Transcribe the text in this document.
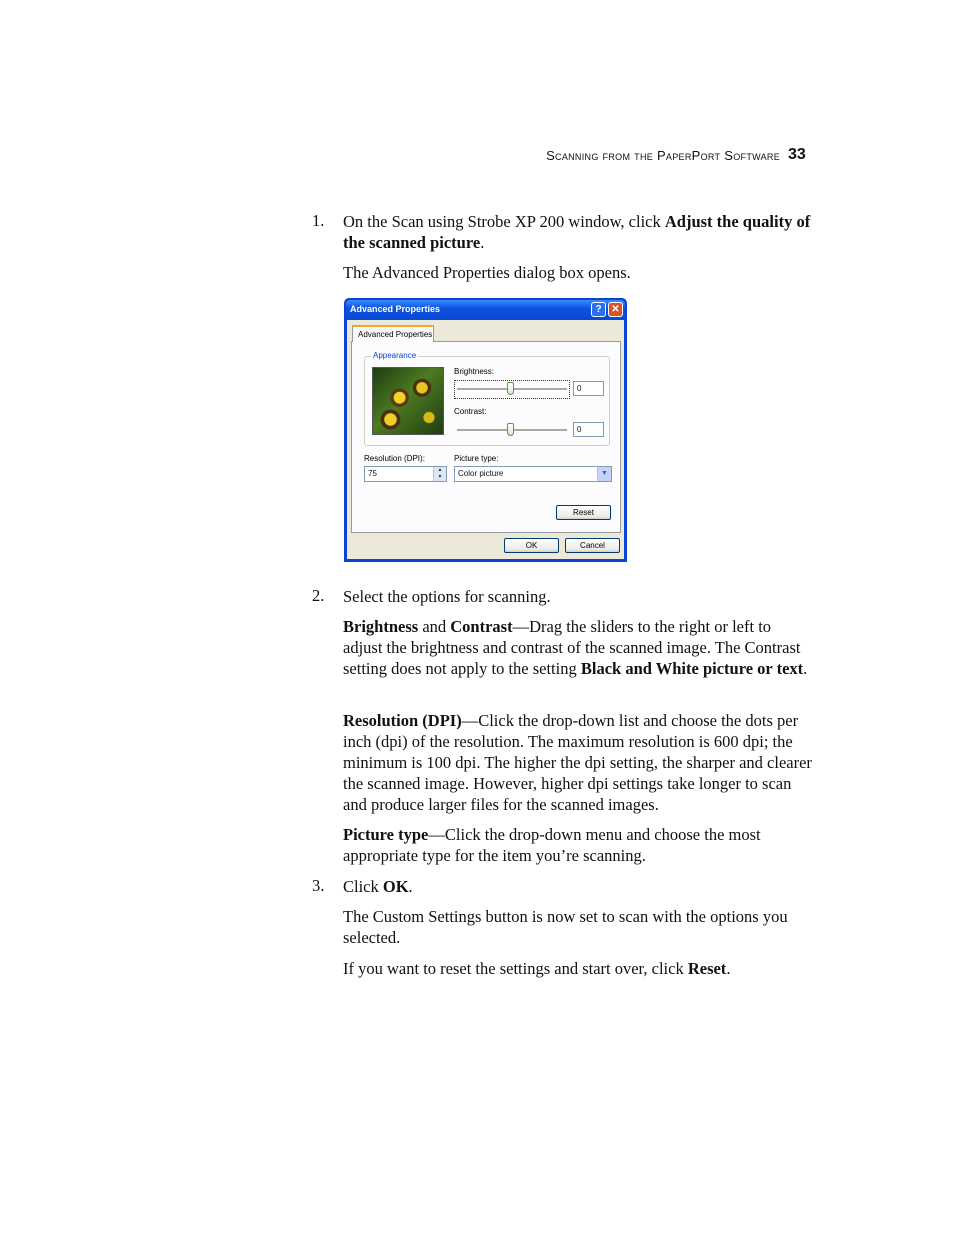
Scanning from the PaperPort Software 33
1. On the Scan using Strobe XP 200 window, click Adjust the quality of the scanned picture.
The Advanced Properties dialog box opens.
Advanced Properties	? ✕
Appearance
Brightness:
0
Contrast:
0
Resolution (DPI):
75	▲
▼
Picture type:
Color picture	▼
Reset
Advanced Properties
OK	Cancel
2. Select the options for scanning.
Brightness and Contrast—Drag the sliders to the right or left to adjust the brightness and contrast of the scanned image. The Contrast setting does not apply to the setting Black and White picture or text.
Resolution (DPI)—Click the drop-down list and choose the dots per inch (dpi) of the resolution. The maximum resolution is 600 dpi; the minimum is 100 dpi. The higher the dpi setting, the sharper and clearer the scanned image. However, higher dpi settings take longer to scan and produce larger files for the scanned images.
Picture type—Click the drop-down menu and choose the most appropriate type for the item you’re scanning.
3. Click OK.
The Custom Settings button is now set to scan with the options you selected.
If you want to reset the settings and start over, click Reset.
